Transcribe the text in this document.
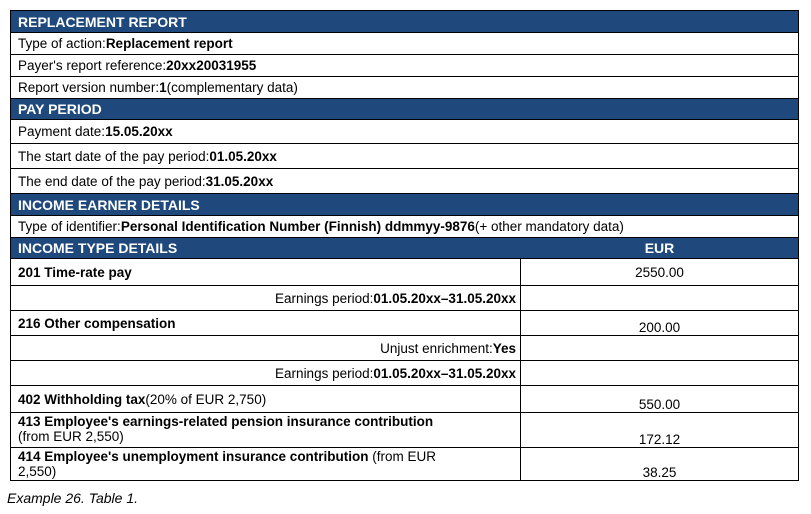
REPLACEMENT REPORT
Type of action: Replacement report
Payer's report reference: 20xx20031955
Report version number: 1 (complementary data)
PAY PERIOD
Payment date: 15.05.20xx
The start date of the pay period: 01.05.20xx
The end date of the pay period: 31.05.20xx
INCOME EARNER DETAILS
Type of identifier: Personal Identification Number (Finnish) ddmmyy-9876 (+ other mandatory data)
INCOME TYPE DETAILS	EUR
201 Time-rate pay	2550.00
Earnings period: 01.05.20xx–31.05.20xx
216 Other compensation	200.00
Unjust enrichment: Yes
Earnings period: 01.05.20xx–31.05.20xx
402 Withholding tax (20% of EUR 2,750)	550.00
413 Employee's earnings-related pension insurance contribution
(from EUR 2,550)	172.12
414 Employee's unemployment insurance contribution (from EUR
2,550)	38.25
Example 26. Table 1.
